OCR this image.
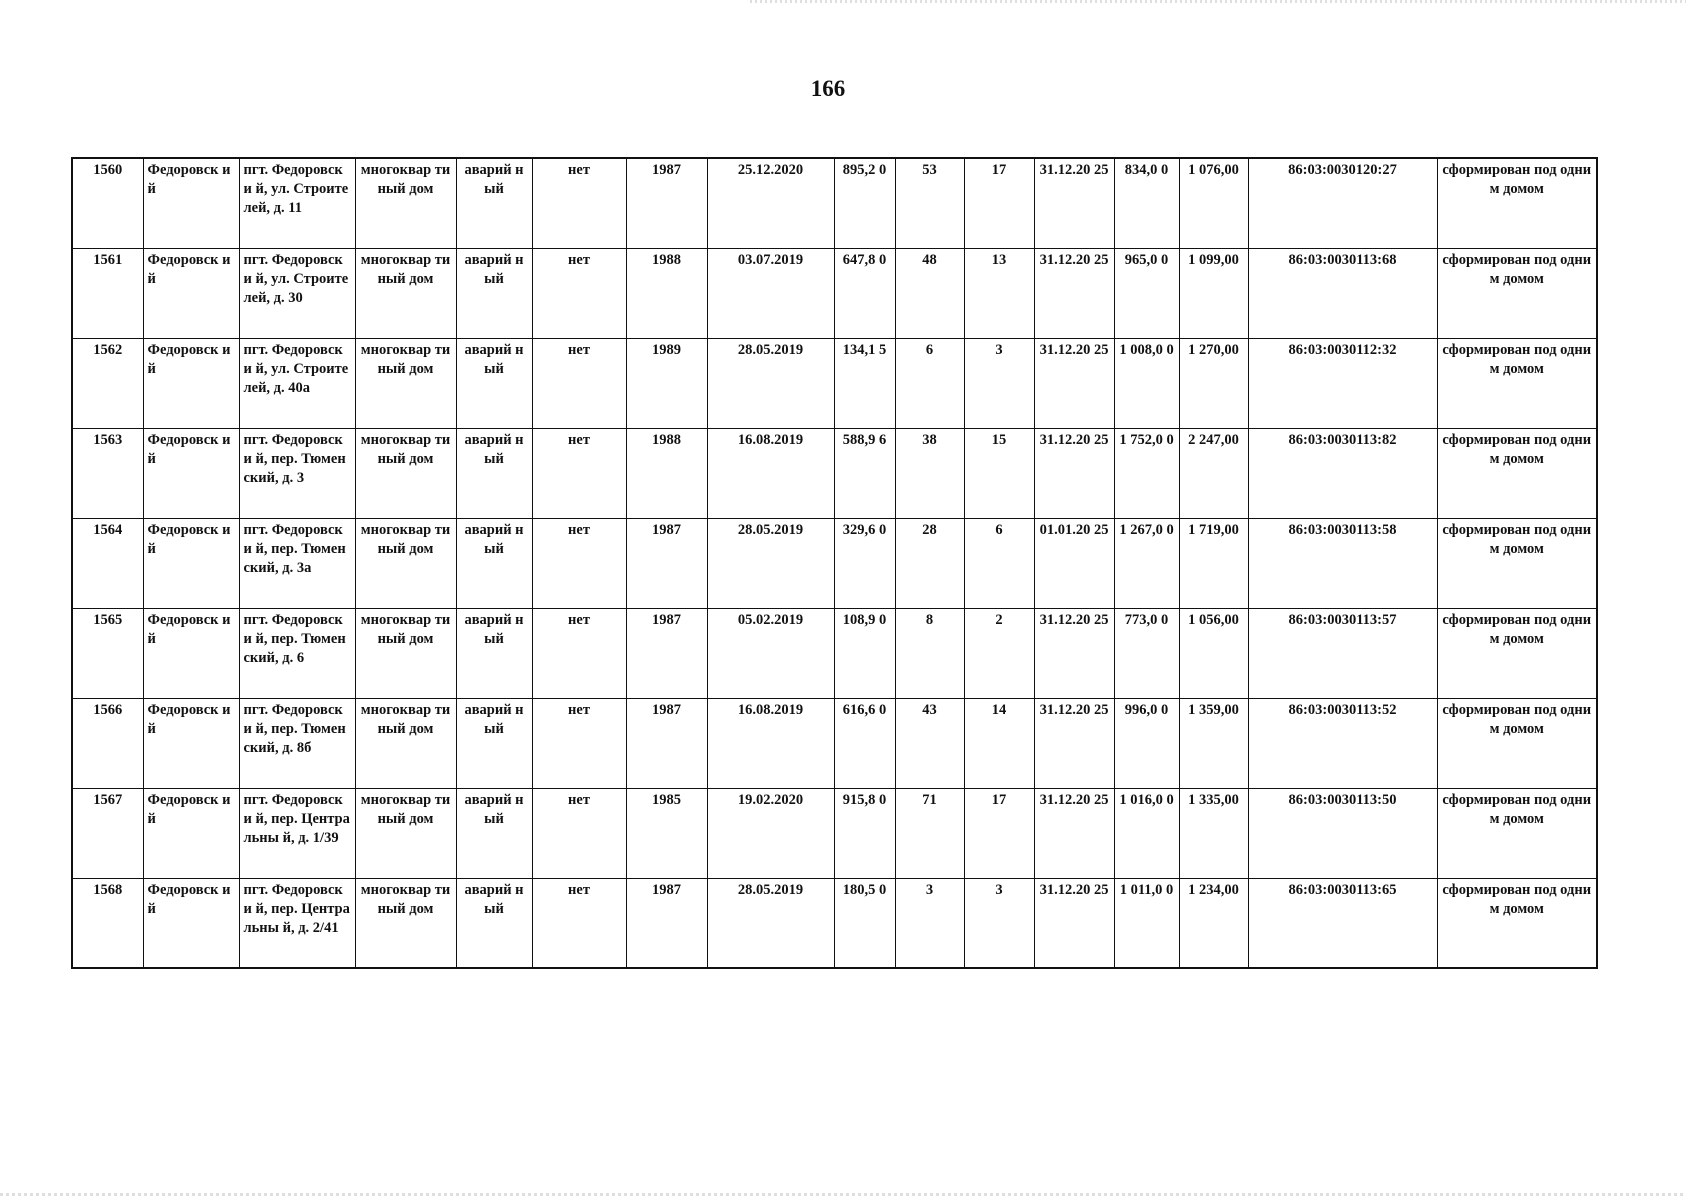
166
1560	Федоровск ий	пгт. Федоровски й, ул. Строителей, д. 11	многоквар тиный дом	аварий ный	нет	1987	25.12.2020	895,2 0	53	17	31.12.20 25	834,0 0	1 076,00	86:03:0030120:27	сформирован под одним домом
1561	Федоровск ий	пгт. Федоровски й, ул. Строителей, д. 30	многоквар тиный дом	аварий ный	нет	1988	03.07.2019	647,8 0	48	13	31.12.20 25	965,0 0	1 099,00	86:03:0030113:68	сформирован под одним домом
1562	Федоровск ий	пгт. Федоровски й, ул. Строителей, д. 40а	многоквар тиный дом	аварий ный	нет	1989	28.05.2019	134,1 5	6	3	31.12.20 25	1 008,0 0	1 270,00	86:03:0030112:32	сформирован под одним домом
1563	Федоровск ий	пгт. Федоровски й, пер. Тюменский, д. 3	многоквар тиный дом	аварий ный	нет	1988	16.08.2019	588,9 6	38	15	31.12.20 25	1 752,0 0	2 247,00	86:03:0030113:82	сформирован под одним домом
1564	Федоровск ий	пгт. Федоровски й, пер. Тюменский, д. 3а	многоквар тиный дом	аварий ный	нет	1987	28.05.2019	329,6 0	28	6	01.01.20 25	1 267,0 0	1 719,00	86:03:0030113:58	сформирован под одним домом
1565	Федоровск ий	пгт. Федоровски й, пер. Тюменский, д. 6	многоквар тиный дом	аварий ный	нет	1987	05.02.2019	108,9 0	8	2	31.12.20 25	773,0 0	1 056,00	86:03:0030113:57	сформирован под одним домом
1566	Федоровск ий	пгт. Федоровски й, пер. Тюменский, д. 8б	многоквар тиный дом	аварий ный	нет	1987	16.08.2019	616,6 0	43	14	31.12.20 25	996,0 0	1 359,00	86:03:0030113:52	сформирован под одним домом
1567	Федоровск ий	пгт. Федоровски й, пер. Центральны й, д. 1/39	многоквар тиный дом	аварий ный	нет	1985	19.02.2020	915,8 0	71	17	31.12.20 25	1 016,0 0	1 335,00	86:03:0030113:50	сформирован под одним домом
1568	Федоровск ий	пгт. Федоровски й, пер. Центральны й, д. 2/41	многоквар тиный дом	аварий ный	нет	1987	28.05.2019	180,5 0	3	3	31.12.20 25	1 011,0 0	1 234,00	86:03:0030113:65	сформирован под одним домом
